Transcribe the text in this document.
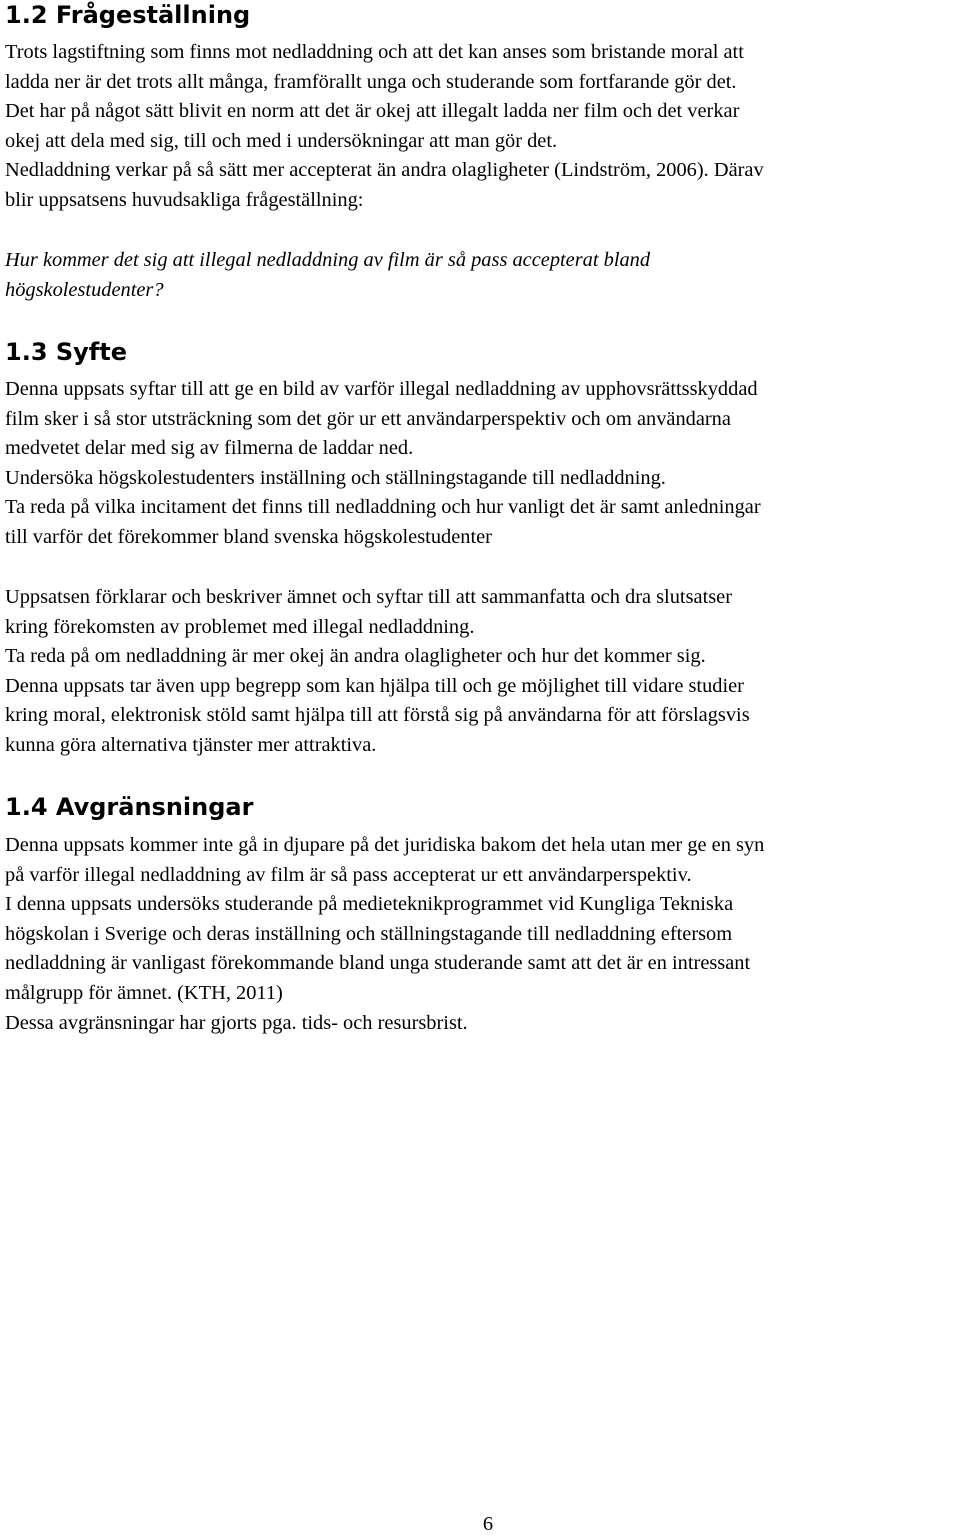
1.2 Frågeställning
Trots lagstiftning som finns mot nedladdning och att det kan anses som bristande moral att
ladda ner är det trots allt många, framförallt unga och studerande som fortfarande gör det.
Det har på något sätt blivit en norm att det är okej att illegalt ladda ner film och det verkar
okej att dela med sig, till och med i undersökningar att man gör det.
Nedladdning verkar på så sätt mer accepterat än andra olagligheter (Lindström, 2006). Därav
blir uppsatsens huvudsakliga frågeställning:
Hur kommer det sig att illegal nedladdning av film är så pass accepterat bland
högskolestudenter?
1.3 Syfte
Denna uppsats syftar till att ge en bild av varför illegal nedladdning av upphovsrättsskyddad
film sker i så stor utsträckning som det gör ur ett användarperspektiv och om användarna
medvetet delar med sig av filmerna de laddar ned.
Undersöka högskolestudenters inställning och ställningstagande till nedladdning.
Ta reda på vilka incitament det finns till nedladdning och hur vanligt det är samt anledningar
till varför det förekommer bland svenska högskolestudenter
Uppsatsen förklarar och beskriver ämnet och syftar till att sammanfatta och dra slutsatser
kring förekomsten av problemet med illegal nedladdning.
Ta reda på om nedladdning är mer okej än andra olagligheter och hur det kommer sig.
Denna uppsats tar även upp begrepp som kan hjälpa till och ge möjlighet till vidare studier
kring moral, elektronisk stöld samt hjälpa till att förstå sig på användarna för att förslagsvis
kunna göra alternativa tjänster mer attraktiva.
1.4 Avgränsningar
Denna uppsats kommer inte gå in djupare på det juridiska bakom det hela utan mer ge en syn
på varför illegal nedladdning av film är så pass accepterat ur ett användarperspektiv.
I denna uppsats undersöks studerande på medieteknikprogrammet vid Kungliga Tekniska
högskolan i Sverige och deras inställning och ställningstagande till nedladdning eftersom
nedladdning är vanligast förekommande bland unga studerande samt att det är en intressant
målgrupp för ämnet. (KTH, 2011)
Dessa avgränsningar har gjorts pga. tids- och resursbrist.
6
